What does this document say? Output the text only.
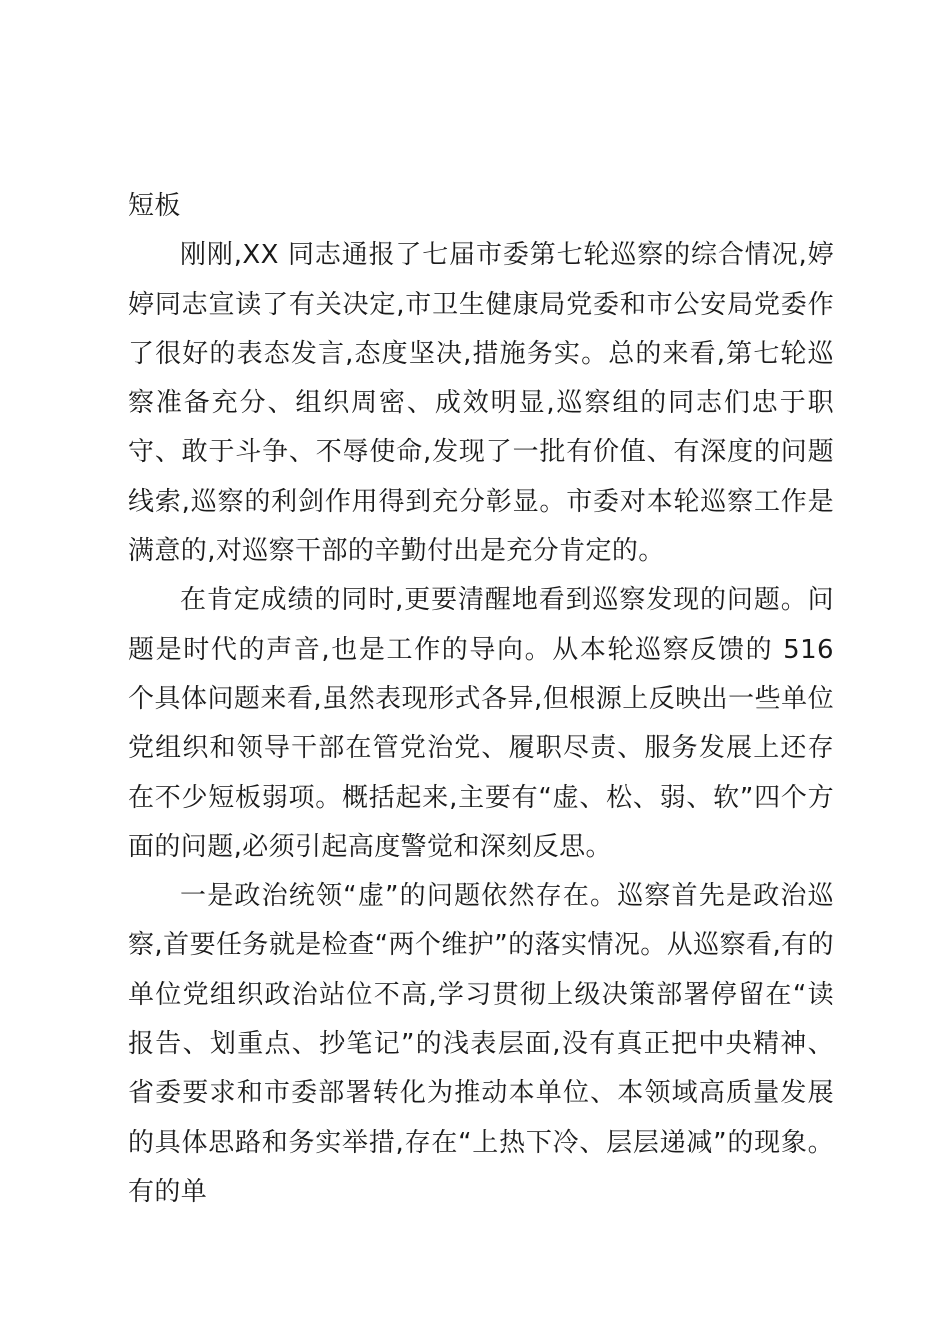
短板

刚刚,XX 同志通报了七届市委第七轮巡察的综合情况,婷婷同志宣读了有关决定,市卫生健康局党委和市公安局党委作了很好的表态发言,态度坚决,措施务实。总的来看,第七轮巡察准备充分、组织周密、成效明显,巡察组的同志们忠于职守、敢于斗争、不辱使命,发现了一批有价值、有深度的问题线索,巡察的利剑作用得到充分彰显。市委对本轮巡察工作是满意的,对巡察干部的辛勤付出是充分肯定的。

在肯定成绩的同时,更要清醒地看到巡察发现的问题。问题是时代的声音,也是工作的导向。从本轮巡察反馈的 516 个具体问题来看,虽然表现形式各异,但根源上反映出一些单位党组织和领导干部在管党治党、履职尽责、服务发展上还存在不少短板弱项。概括起来,主要有“虚、松、弱、软”四个方面的问题,必须引起高度警觉和深刻反思。

一是政治统领“虚”的问题依然存在。巡察首先是政治巡察,首要任务就是检查“两个维护”的落实情况。从巡察看,有的单位党组织政治站位不高,学习贯彻上级决策部署停留在“读报告、划重点、抄笔记”的浅表层面,没有真正把中央精神、省委要求和市委部署转化为推动本单位、本领域高质量发展的具体思路和务实举措,存在“上热下冷、层层递减”的现象。有的单
